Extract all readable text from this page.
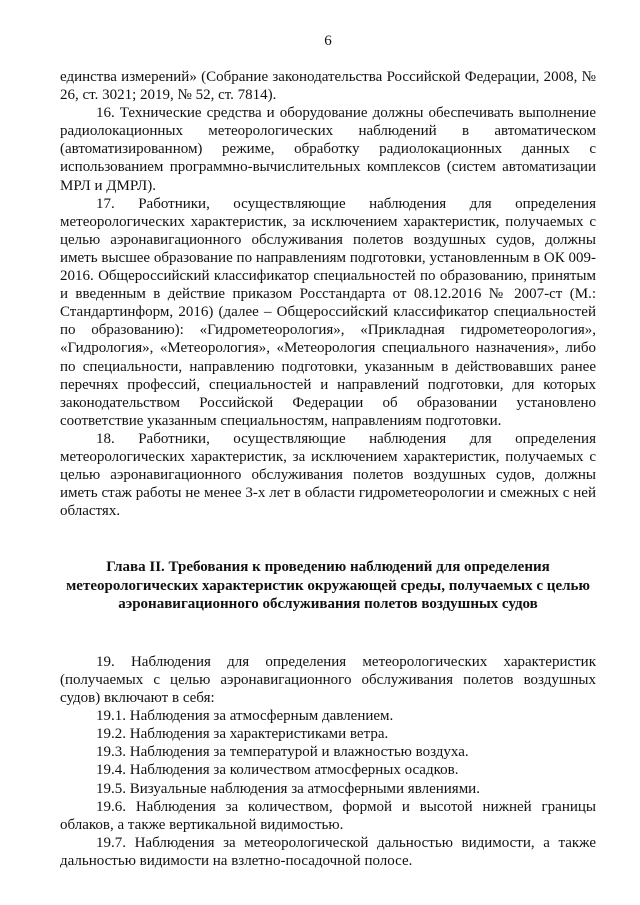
6

единства измерений» (Собрание законодательства Российской Федерации, 2008, № 26, ст. 3021; 2019, № 52, ст. 7814).

16. Технические средства и оборудование должны обеспечивать выполнение радиолокационных метеорологических наблюдений в автоматическом (автоматизированном) режиме, обработку радиолокационных данных с использованием программно-вычислительных комплексов (систем автоматизации МРЛ и ДМРЛ).

17. Работники, осуществляющие наблюдения для определения метеорологических характеристик, за исключением характеристик, получаемых с целью аэронавигационного обслуживания полетов воздушных судов, должны иметь высшее образование по направлениям подготовки, установленным в ОК 009-2016. Общероссийский классификатор специальностей по образованию, принятым и введенным в действие приказом Росстандарта от 08.12.2016 № 2007-ст (М.: Стандартинформ, 2016) (далее – Общероссийский классификатор специальностей по образованию): «Гидрометеорология», «Прикладная гидрометеорология», «Гидрология», «Метеорология», «Метеорология специального назначения», либо по специальности, направлению подготовки, указанным в действовавших ранее перечнях профессий, специальностей и направлений подготовки, для которых законодательством Российской Федерации об образовании установлено соответствие указанным специальностям, направлениям подготовки.

18. Работники, осуществляющие наблюдения для определения метеорологических характеристик, за исключением характеристик, получаемых с целью аэронавигационного обслуживания полетов воздушных судов, должны иметь стаж работы не менее 3-х лет в области гидрометеорологии и смежных с ней областях.

Глава II. Требования к проведению наблюдений для определения
метеорологических характеристик окружающей среды, получаемых с целью
аэронавигационного обслуживания полетов воздушных судов

19. Наблюдения для определения метеорологических характеристик (получаемых с целью аэронавигационного обслуживания полетов воздушных судов) включают в себя:

19.1. Наблюдения за атмосферным давлением.

19.2. Наблюдения за характеристиками ветра.

19.3. Наблюдения за температурой и влажностью воздуха.

19.4. Наблюдения за количеством атмосферных осадков.

19.5. Визуальные наблюдения за атмосферными явлениями.

19.6. Наблюдения за количеством, формой и высотой нижней границы облаков, а также вертикальной видимостью.

19.7. Наблюдения за метеорологической дальностью видимости, а также дальностью видимости на взлетно-посадочной полосе.
